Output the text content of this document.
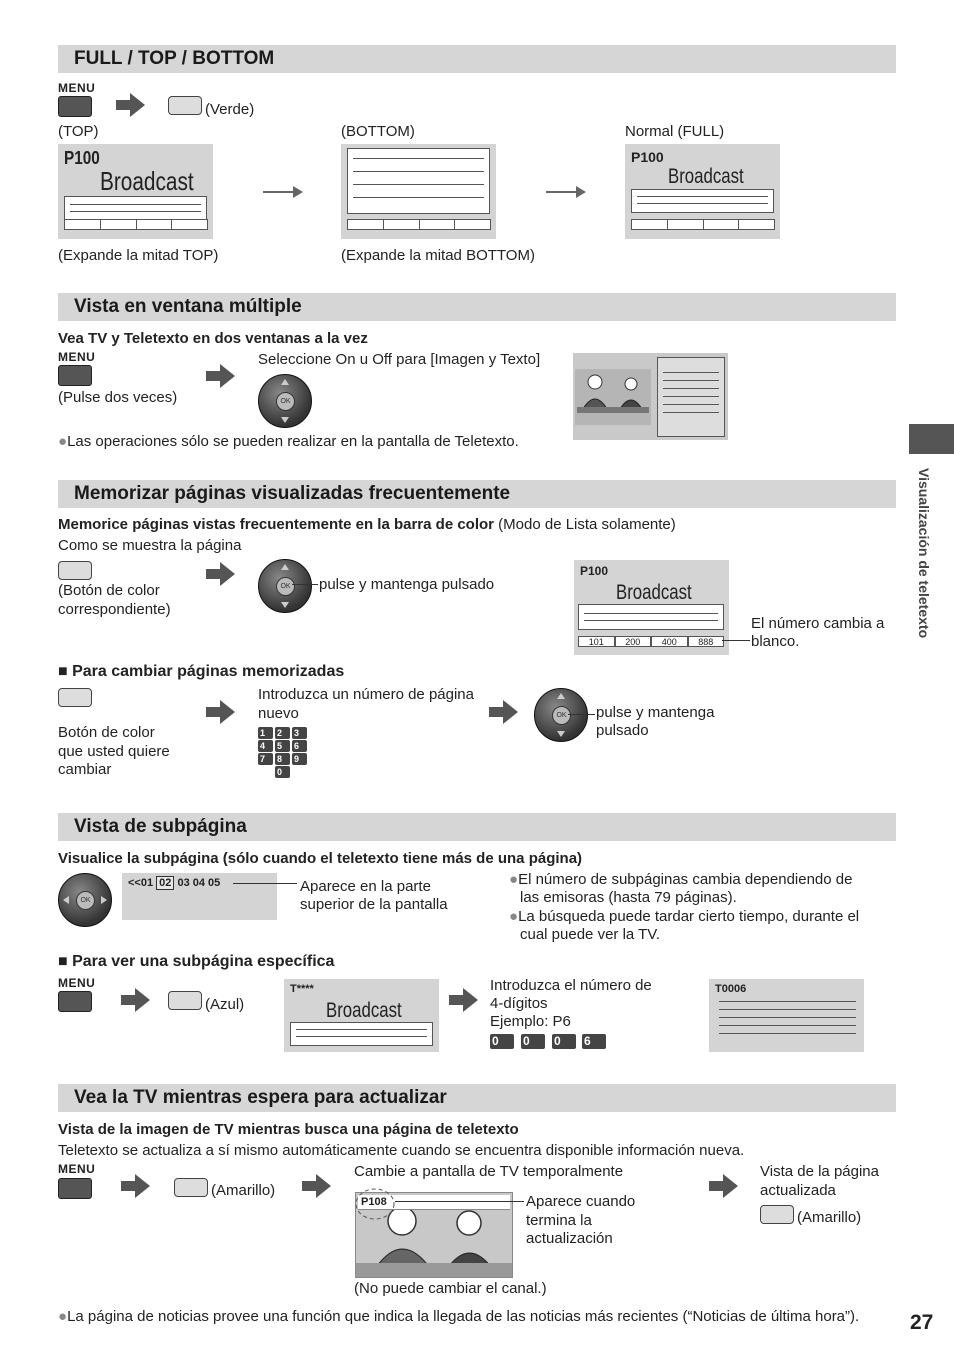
Visualización de teletexto
FULL / TOP / BOTTOM
MENU
(Verde)
(TOP)	(BOTTOM)	Normal (FULL)
P100
Broadcast
P100
Broadcast
(Expande la mitad TOP)	(Expande la mitad BOTTOM)
Vista en ventana múltiple
Vea TV y Teletexto en dos ventanas a la vez
MENU
(Pulse dos veces)
Seleccione On u Off para [Imagen y Texto]
OK
●Las operaciones sólo se pueden realizar en la pantalla de Teletexto.
Memorizar páginas visualizadas frecuentemente
Memorice páginas vistas frecuentemente en la barra de color (Modo de Lista solamente)
Como se muestra la página
(Botón de color
correspondiente)
OK pulse y mantenga pulsado
P100
Broadcast
101	200	400	888
El número cambia a
blanco.
■ Para cambiar páginas memorizadas
Botón de color
que usted quiere
cambiar
Introduzca un número de página
nuevo
1	2	3
4	5	6
7	8	9
0
OK pulse y mantenga
pulsado
Vista de subpágina
Visualice la subpágina (sólo cuando el teletexto tiene más de una página)
OK
<<01 02 03 04 05	Aparece en la parte
superior de la pantalla
●El número de subpáginas cambia dependiendo de
las emisoras (hasta 79 páginas).
●La búsqueda puede tardar cierto tiempo, durante el
cual puede ver la TV.
■ Para ver una subpágina específica
MENU
(Azul)
T****
Broadcast
Introduzca el número de
4-dígitos
Ejemplo: P6
0	0	0	6
T0006
Vea la TV mientras espera para actualizar
Vista de la imagen de TV mientras busca una página de teletexto
Teletexto se actualiza a sí mismo automáticamente cuando se encuentra disponible información nueva.
MENU
(Amarillo)
Cambie a pantalla de TV temporalmente
P108	Aparece cuando
termina la
actualización
(No puede cambiar el canal.)
Vista de la página
actualizada
(Amarillo)
●La página de noticias provee una función que indica la llegada de las noticias más recientes (“Noticias de última hora”). 27
